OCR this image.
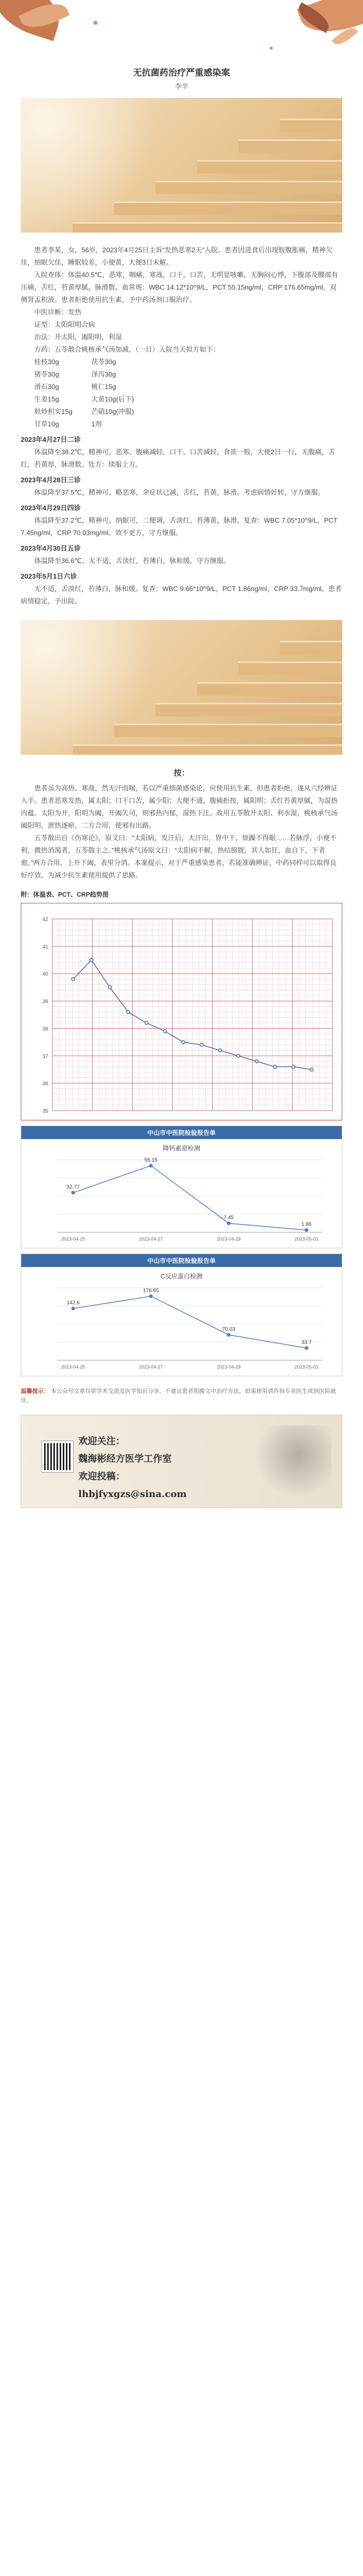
无抗菌药治疗严重感染案
李辛

患者李某，女，56岁，2023年4月25日主诉“发热恶寒2天”入院。患者因进食后出现脘腹胀痛，精神欠佳，纳眠欠佳，睡眠较差，小便黄，大便3日未解。

入院查体：体温40.5℃，恶寒，咽痛，寒战，口干，口苦，无明显咳嗽，无胸闷心悸，下腹部及腰部有压痛，舌红，苔黄厚腻，脉滑数。血常规：WBC 14.12*10^9/L，PCT 55.15ng/ml，CRP 176.65mg/ml，双侧肾盂积液。患者拒绝使用抗生素，予中药汤剂口服治疗。

中医诊断：发热

证型：太阳阳明合病

治法：开太阳，阖阳明，利湿

方药：五苓散合桃核承气汤加减，（一日）入院当天拟方如下：

桂枝30g	茯苓30g
猪苓30g	泽泻30g
滑石30g	桃仁15g
生姜15g	大黄10g(后下)
麸炒枳实15g	芒硝10g(冲服)
甘草10g	1剂

2023年4月27日二诊

体温降至38.2℃，精神可，恶寒、腹痛减轻，口干、口苦减轻，食欲一般，大便2日一行，无腹痛，舌红，苔黄厚，脉滑数。处方：续服上方。

2023年4月28日三诊

体温降至37.5℃，精神可，略恶寒，余症状已减，舌红，苔黄，脉滑。考虑病情好转，守方继服。

2023年4月29日四诊

体温降至37.2℃，精神可，纳眠可，二便调，舌淡红，苔薄黄，脉滑。复查：WBC 7.05*10^9/L，PCT 7.45ng/ml，CRP 70.03mg/ml。效不更方，守方继服。

2023年4月30日五诊

体温降至36.6℃，无不适，舌淡红，苔薄白，脉和缓。守方继服。

2023年5月1日六诊

无不适，舌淡红，苔薄白，脉和缓。复查：WBC 9.66*10^9/L，PCT 1.86ng/ml，CRP 33.7mg/ml。患者病情稳定，予出院。

按：

患者虽为高热、寒战，然无汗而喘，若以严重细菌感染论，应使用抗生素，但患者拒绝，遂从六经辨证入手。患者恶寒发热，属太阳；口干口苦，属少阳；大便不通，腹痛拒按，属阳明；舌红苔黄厚腻，为湿热内蕴。太阳为开，阳明为阖，开阖失司，则邪热内郁，湿热下注。故用五苓散开太阳、利水湿，桃核承气汤阖阳明、泄热逐瘀，二方合用，使邪有出路。

五苓散出自《伤寒论》，原文曰：“太阳病，发汗后，大汗出，胃中干，烦躁不得眠……若脉浮，小便不利，微热消渴者，五苓散主之。”桃核承气汤原文曰：“太阳病不解，热结膀胱，其人如狂，血自下，下者愈。”两方合用，上开下阖，表里分消。本案提示，对于严重感染患者，若能准确辨证，中药同样可以取得良好疗效，为减少抗生素使用提供了思路。

附：体温表、PCT、CRP趋势图
35
36
37
38
39
40
41
42
中山市中医院检验报告单
降钙素原检测
32.77
2023-04-25
55.15
2023-04-27
7.45
2023-04-29
1.86
2023-05-01
中山市中医院检验报告单
C反应蛋白检测
142.6
2023-04-25
176.65
2023-04-27
70.03
2023-04-29
33.7
2023-05-01
温馨提示： 本公众号文章仅供学术交流及医学知识分享，不建议患者照搬文中治疗方法，如需使用请咨询专业医生或到医院就诊。
欢迎关注：
魏海彬经方医学工作室
欢迎投稿：
lhbjfyxgzs@sina.com
